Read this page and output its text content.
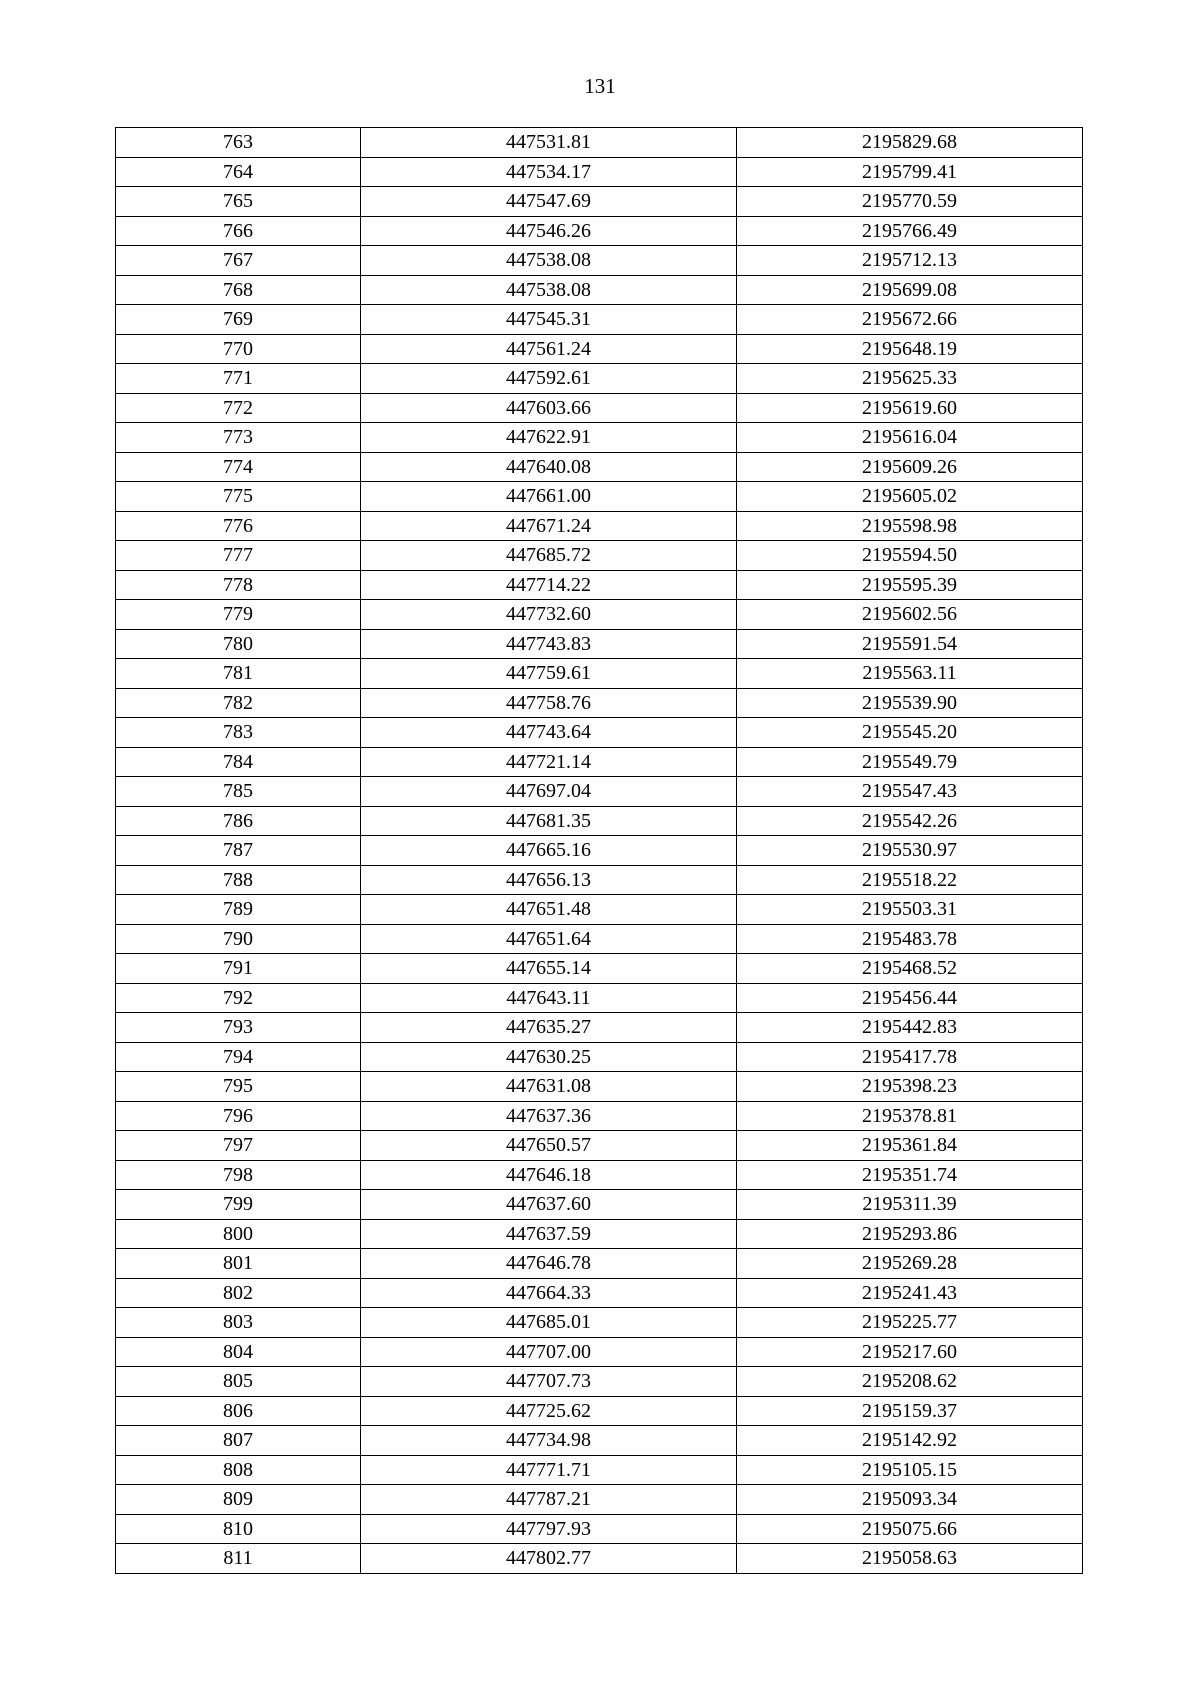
131
763	447531.81	2195829.68
764	447534.17	2195799.41
765	447547.69	2195770.59
766	447546.26	2195766.49
767	447538.08	2195712.13
768	447538.08	2195699.08
769	447545.31	2195672.66
770	447561.24	2195648.19
771	447592.61	2195625.33
772	447603.66	2195619.60
773	447622.91	2195616.04
774	447640.08	2195609.26
775	447661.00	2195605.02
776	447671.24	2195598.98
777	447685.72	2195594.50
778	447714.22	2195595.39
779	447732.60	2195602.56
780	447743.83	2195591.54
781	447759.61	2195563.11
782	447758.76	2195539.90
783	447743.64	2195545.20
784	447721.14	2195549.79
785	447697.04	2195547.43
786	447681.35	2195542.26
787	447665.16	2195530.97
788	447656.13	2195518.22
789	447651.48	2195503.31
790	447651.64	2195483.78
791	447655.14	2195468.52
792	447643.11	2195456.44
793	447635.27	2195442.83
794	447630.25	2195417.78
795	447631.08	2195398.23
796	447637.36	2195378.81
797	447650.57	2195361.84
798	447646.18	2195351.74
799	447637.60	2195311.39
800	447637.59	2195293.86
801	447646.78	2195269.28
802	447664.33	2195241.43
803	447685.01	2195225.77
804	447707.00	2195217.60
805	447707.73	2195208.62
806	447725.62	2195159.37
807	447734.98	2195142.92
808	447771.71	2195105.15
809	447787.21	2195093.34
810	447797.93	2195075.66
811	447802.77	2195058.63
